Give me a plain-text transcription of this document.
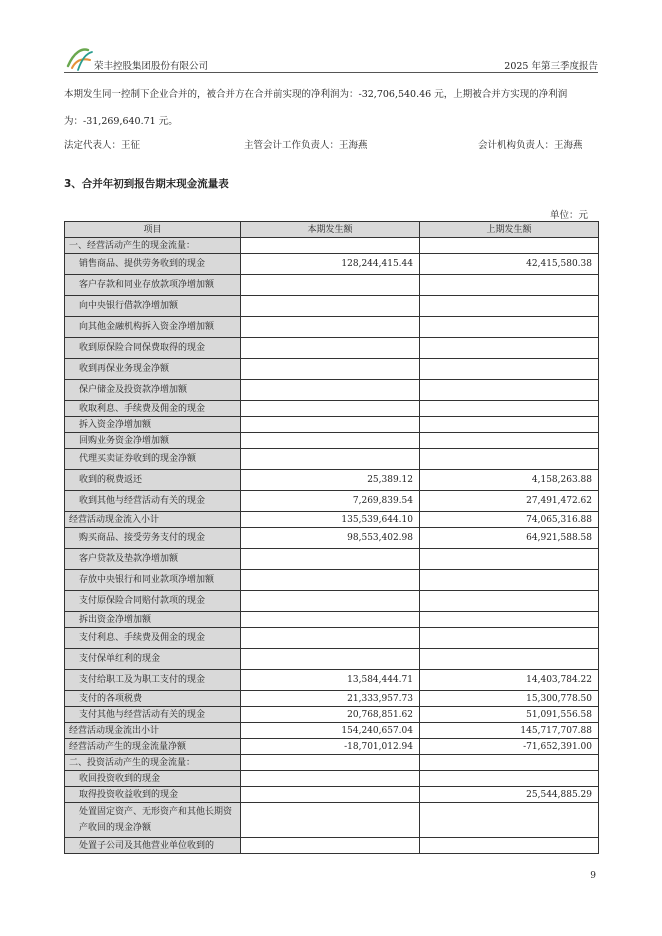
荣丰控股集团股份有限公司	2025 年第三季度报告
本期发生同一控制下企业合并的，被合并方在合并前实现的净利润为：-32,706,540.46 元，上期被合并方实现的净利润
为：-31,269,640.71 元。
法定代表人：王征	主管会计工作负责人：王海燕	会计机构负责人：王海燕
3、合并年初到报告期末现金流量表
单位：元
项目	本期发生额	上期发生额
一、经营活动产生的现金流量：		
销售商品、提供劳务收到的现金	128,244,415.44	42,415,580.38
客户存款和同业存放款项净增加额		
向中央银行借款净增加额		
向其他金融机构拆入资金净增加额		
收到原保险合同保费取得的现金		
收到再保业务现金净额		
保户储金及投资款净增加额		
收取利息、手续费及佣金的现金		
拆入资金净增加额		
回购业务资金净增加额		
代理买卖证券收到的现金净额		
收到的税费返还	25,389.12	4,158,263.88
收到其他与经营活动有关的现金	7,269,839.54	27,491,472.62
经营活动现金流入小计	135,539,644.10	74,065,316.88
购买商品、接受劳务支付的现金	98,553,402.98	64,921,588.58
客户贷款及垫款净增加额		
存放中央银行和同业款项净增加额		
支付原保险合同赔付款项的现金		
拆出资金净增加额		
支付利息、手续费及佣金的现金		
支付保单红利的现金		
支付给职工及为职工支付的现金	13,584,444.71	14,403,784.22
支付的各项税费	21,333,957.73	15,300,778.50
支付其他与经营活动有关的现金	20,768,851.62	51,091,556.58
经营活动现金流出小计	154,240,657.04	145,717,707.88
经营活动产生的现金流量净额	-18,701,012.94	-71,652,391.00
二、投资活动产生的现金流量：		
收回投资收到的现金		
取得投资收益收到的现金		25,544,885.29
处置固定资产、无形资产和其他长期资产收回的现金净额		
处置子公司及其他营业单位收到的		
9
